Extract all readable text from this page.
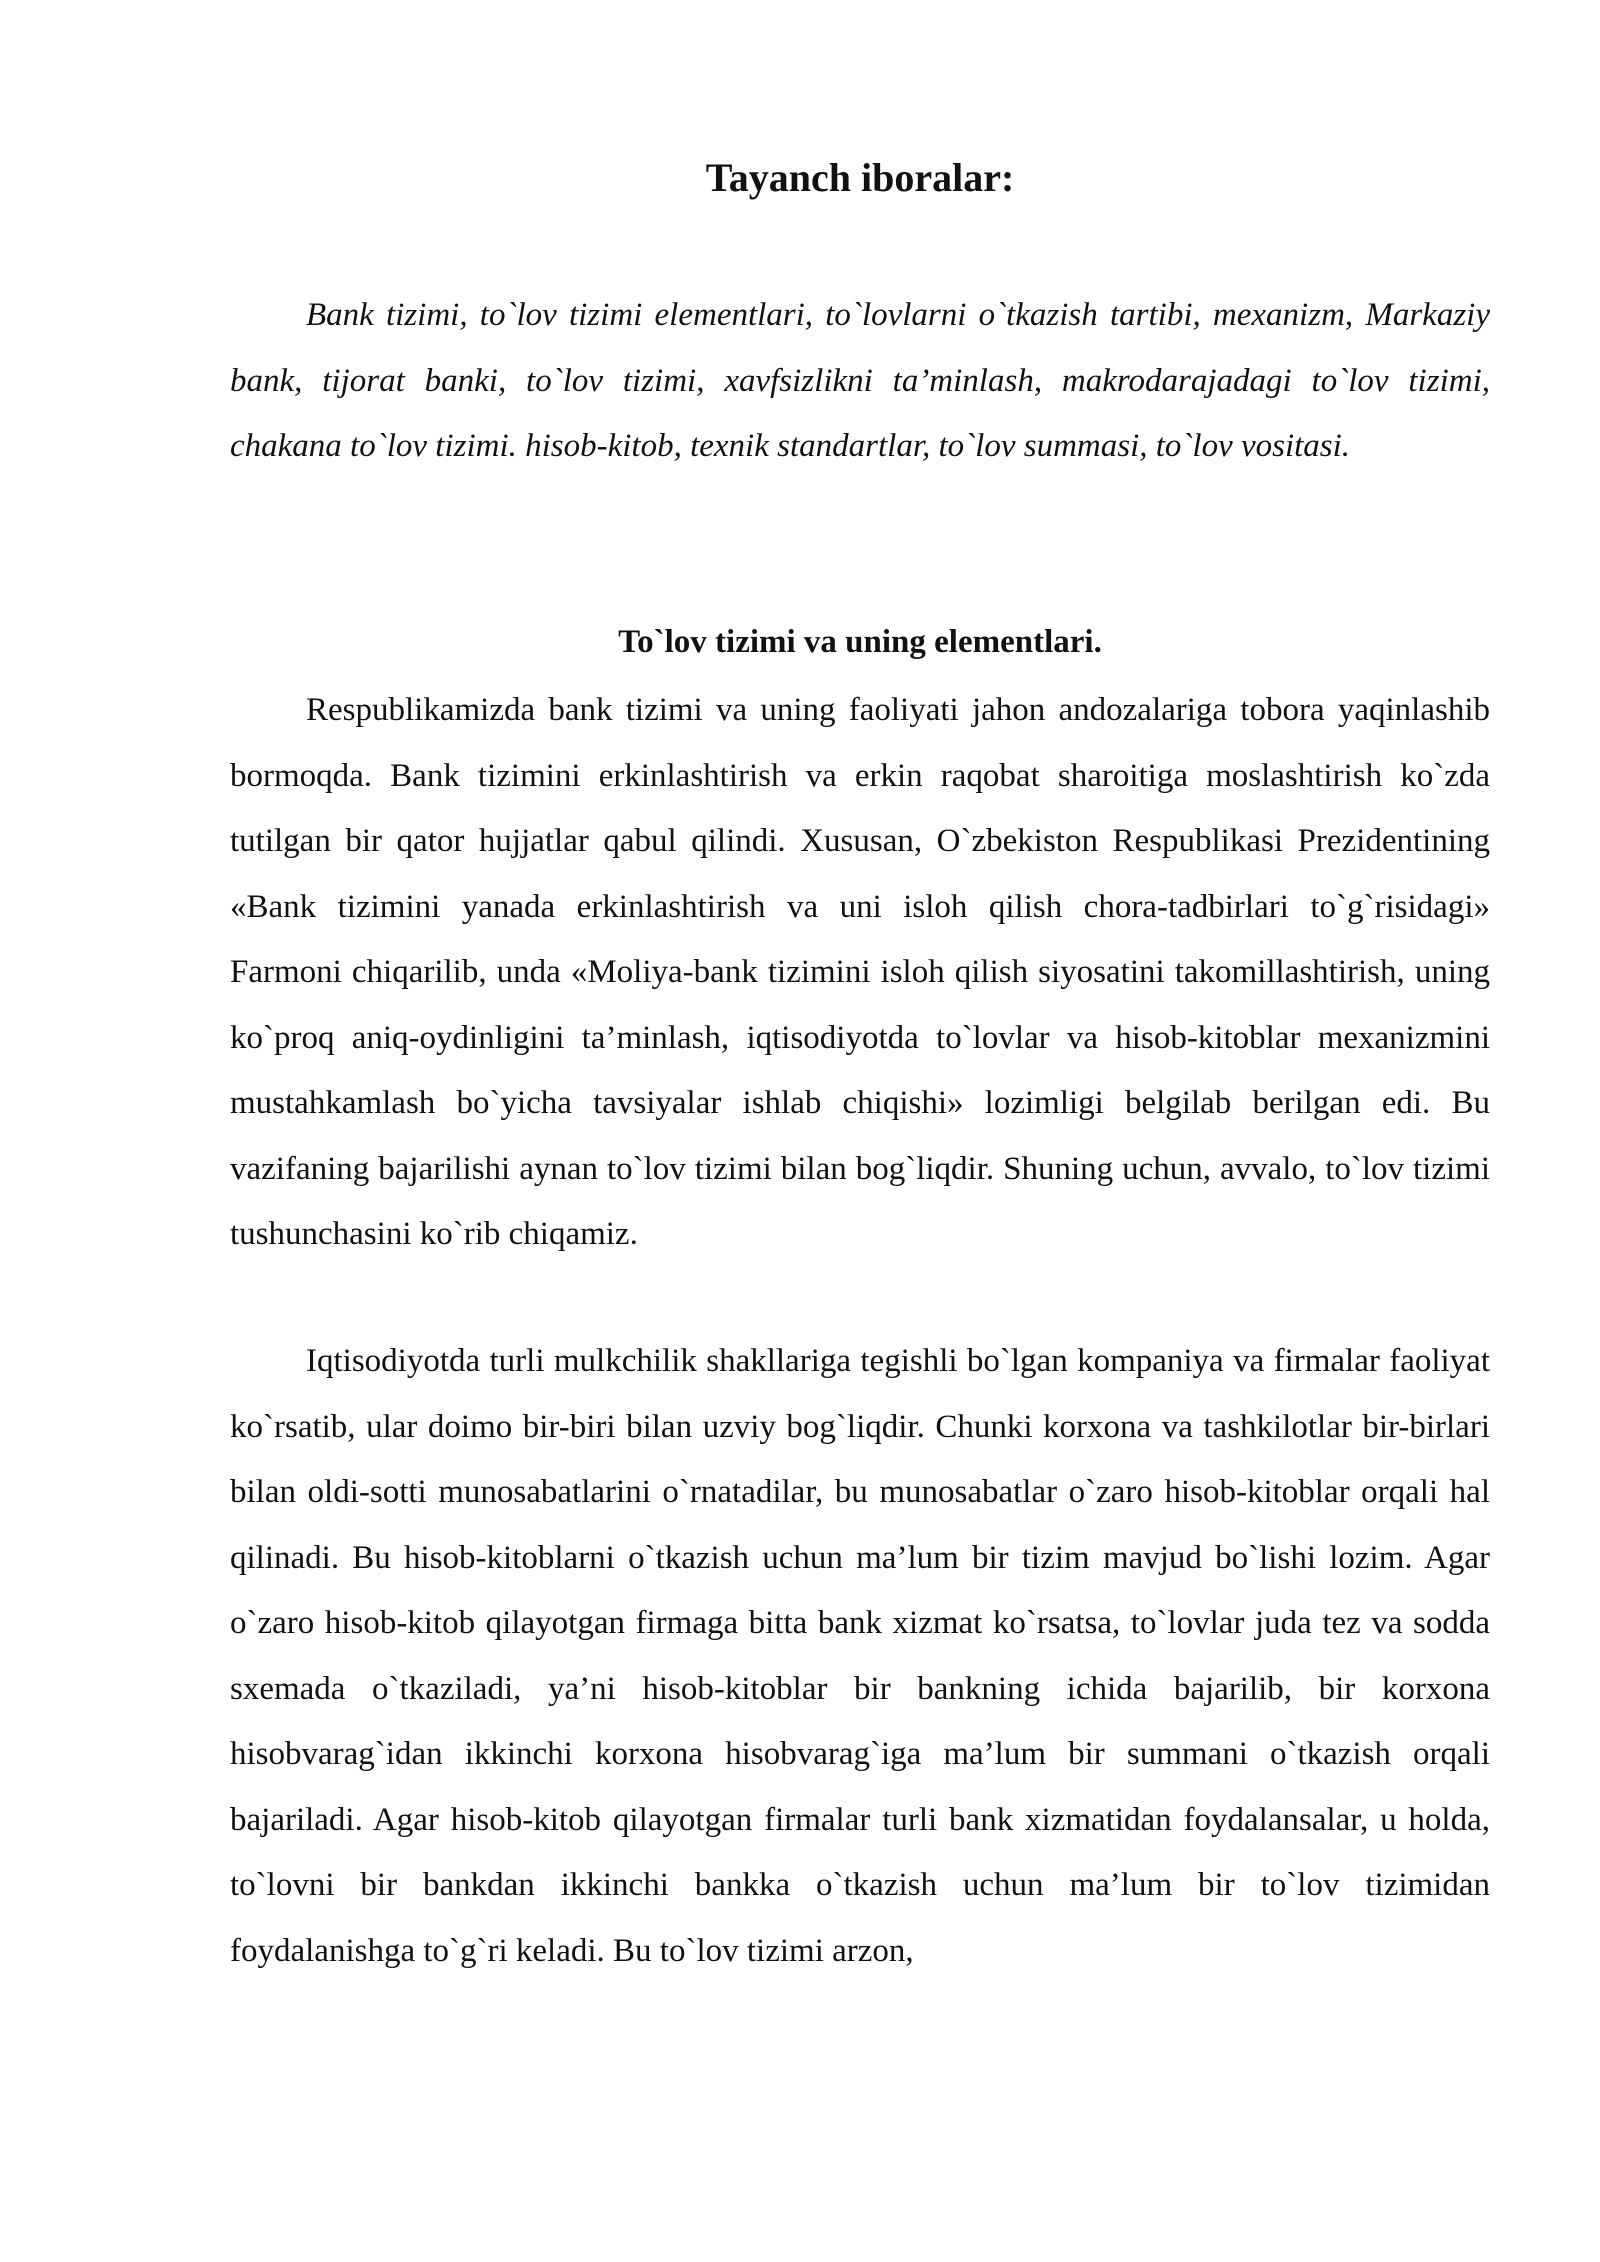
Tayanch iboralar:

Bank tizimi, to`lov tizimi elementlari, to`lovlarni o`tkazish tartibi, mexanizm, Markaziy bank, tijorat banki, to`lov tizimi, xavfsizlikni ta’minlash, makrodarajadagi to`lov tizimi, chakana to`lov tizimi. hisob-kitob, texnik standartlar, to`lov summasi, to`lov vositasi.

To`lov tizimi va uning elementlari.

Respublikamizda bank tizimi va uning faoliyati jahon andozalariga tobora yaqinlashib bormoqda. Bank tizimini erkinlashtirish va erkin raqobat sharoitiga moslashtirish ko`zda tutilgan bir qator hujjatlar qabul qilindi. Xususan, O`zbekiston Respublikasi Prezidentining «Bank tizimini yanada erkinlashtirish va uni isloh qilish chora-tadbirlari to`g`risidagi» Farmoni chiqarilib, unda «Moliya-bank tizimini isloh qilish siyosatini takomillashtirish, uning ko`proq aniq-oydinligini ta’minlash, iqtisodiyotda to`lovlar va hisob-kitoblar mexanizmini mustahkamlash bo`yicha tavsiyalar ishlab chiqishi» lozimligi belgilab berilgan edi. Bu vazifaning bajarilishi aynan to`lov tizimi bilan bog`liqdir. Shuning uchun, avvalo, to`lov tizimi tushunchasini ko`rib chiqamiz.

Iqtisodiyotda turli mulkchilik shakllariga tegishli bo`lgan kompaniya va firmalar faoliyat ko`rsatib, ular doimo bir-biri bilan uzviy bog`liqdir. Chunki korxona va tashkilotlar bir-birlari bilan oldi-sotti munosabatlarini o`rnatadilar, bu munosabatlar o`zaro hisob-kitoblar orqali hal qilinadi. Bu hisob-kitoblarni o`tkazish uchun ma’lum bir tizim mavjud bo`lishi lozim. Agar o`zaro hisob-kitob qilayotgan firmaga bitta bank xizmat ko`rsatsa, to`lovlar juda tez va sodda sxemada o`tkaziladi, ya’ni hisob-kitoblar bir bankning ichida bajarilib, bir korxona hisobvarag`idan ikkinchi korxona hisobvarag`iga ma’lum bir summani o`tkazish orqali bajariladi. Agar hisob-kitob qilayotgan firmalar turli bank xizmatidan foydalansalar, u holda, to`lovni bir bankdan ikkinchi bankka o`tkazish uchun ma’lum bir to`lov tizimidan foydalanishga to`g`ri keladi. Bu to`lov tizimi arzon,
